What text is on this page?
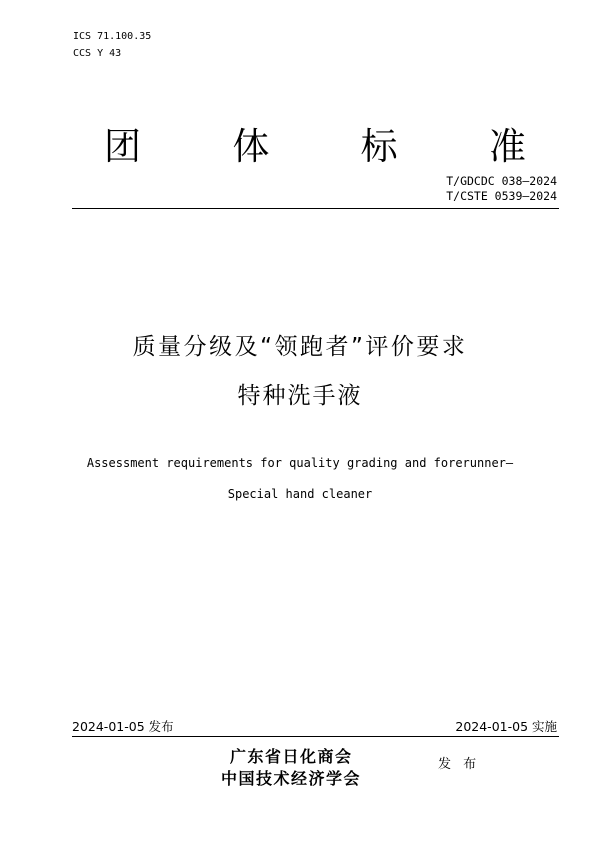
ICS 71.100.35
CCS Y 43
团 体 标 准
T/GDCDC 038—2024
T/CSTE 0539—2024
质量分级及“领跑者”评价要求
特种洗手液
Assessment requirements for quality grading and forerunner—
Special hand cleaner
2024-01-05 发布	2024-01-05 实施
广东省日化商会
中国技术经济学会
发 布
